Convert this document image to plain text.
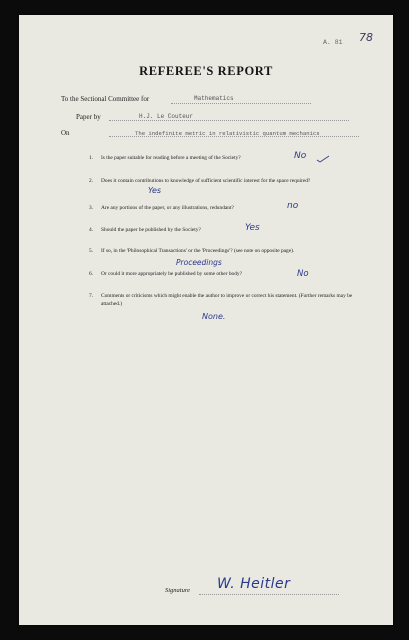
A. 81 78
REFEREE'S REPORT
To the Sectional Committee for	Mathematics
Paper by	H.J. Le Couteur
On	The indefinite metric in relativistic quantum mechanics
1. Is the paper suitable for reading before a meeting of the Society?	No
2. Does it contain contributions to knowledge of sufficient scientific interest for the space required?
Yes
3. Are any portions of the paper, or any illustrations, redundant?	no
4. Should the paper be published by the Society?	Yes
5. If so, in the 'Philosophical Transactions' or the 'Proceedings'? (see note on opposite page).
Proceedings
6. Or could it more appropriately be published by some other body?	No
7. Comments or criticisms which might enable the author to improve or correct his statement. (Further remarks may be attached.)
None.
Signature W. Heitler
